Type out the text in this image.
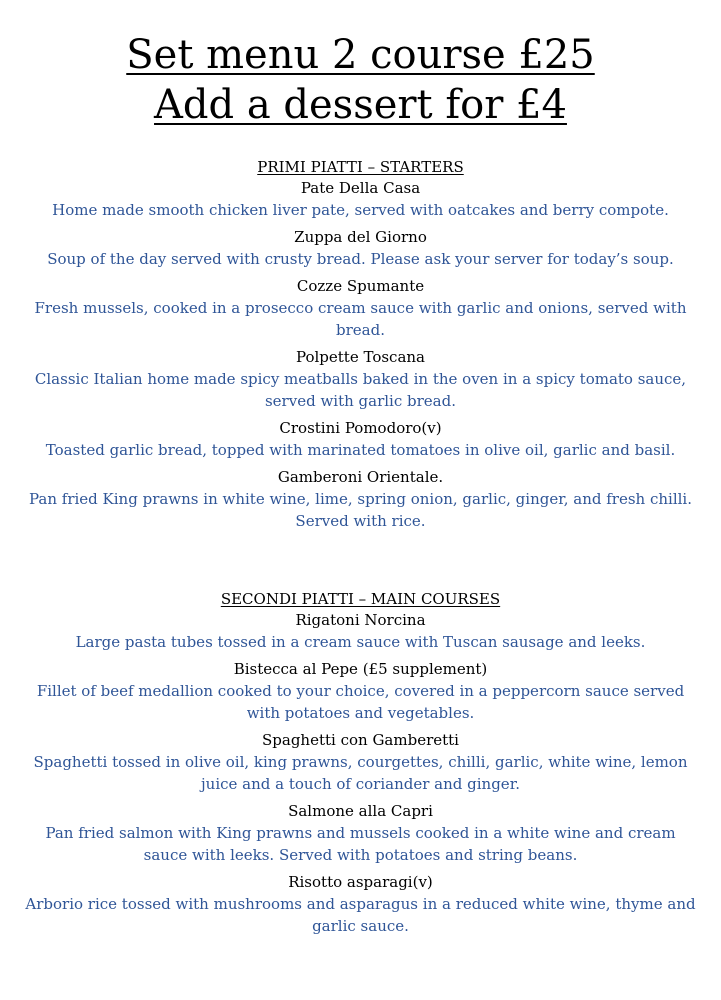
Set menu 2 course £25
Add a dessert for £4
PRIMI PIATTI – STARTERS
Pate Della Casa
Home made smooth chicken liver pate, served with oatcakes and berry compote.
Zuppa del Giorno
Soup of the day served with crusty bread. Please ask your server for today’s soup.
Cozze Spumante
Fresh mussels, cooked in a prosecco cream sauce with garlic and onions, served with bread.
Polpette Toscana
Classic Italian home made spicy meatballs baked in the oven in a spicy tomato sauce, served with garlic bread.
Crostini Pomodoro(v)
Toasted garlic bread, topped with marinated tomatoes in olive oil, garlic and basil.
Gamberoni Orientale.
Pan fried King prawns in white wine, lime, spring onion, garlic, ginger, and fresh chilli. Served with rice.
SECONDI PIATTI – MAIN COURSES
Rigatoni Norcina
Large pasta tubes tossed in a cream sauce with Tuscan sausage and leeks.
Bistecca al Pepe (£5 supplement)
Fillet of beef medallion cooked to your choice, covered in a peppercorn sauce served with potatoes and vegetables.
Spaghetti con Gamberetti
Spaghetti tossed in olive oil, king prawns, courgettes, chilli, garlic, white wine, lemon juice and a touch of coriander and ginger.
Salmone alla Capri
Pan fried salmon with King prawns and mussels cooked in a white wine and cream sauce with leeks. Served with potatoes and string beans.
Risotto asparagi(v)
Arborio rice tossed with mushrooms and asparagus in a reduced white wine, thyme and garlic sauce.
